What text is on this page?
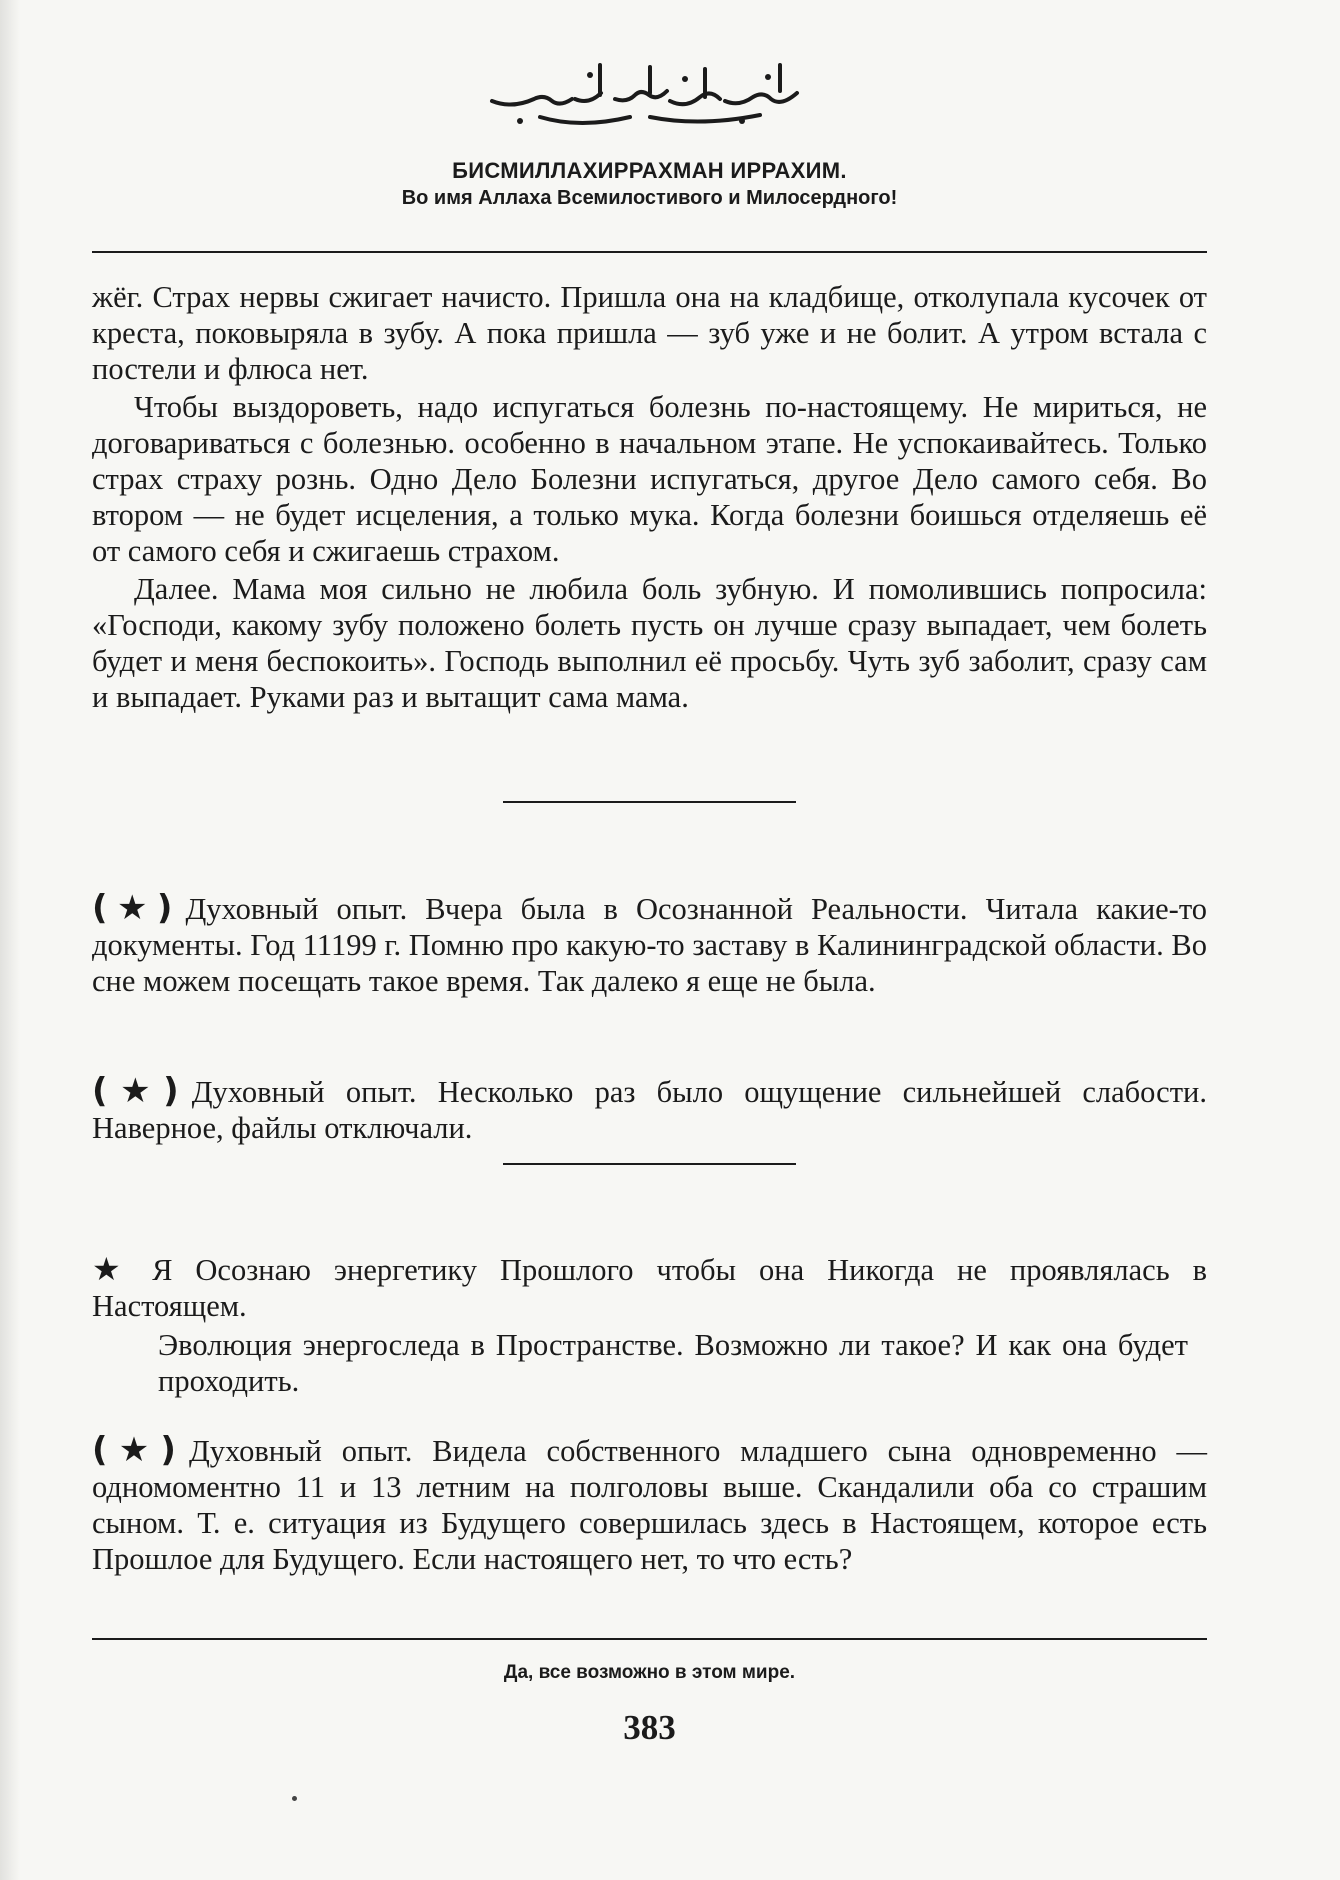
بِسْمِ اللهِ الرَّحْمٰنِ الرَّحِيْمِ
БИСМИЛЛАХИРРАХМАН ИРРАХИМ.
Во имя Аллаха Всемилостивого и Милосердного!

жёг. Страх нервы сжигает начисто. Пришла она на кладбище, отколупала кусочек от креста, поковыряла в зубу. А пока пришла — зуб уже и не болит. А утром встала с постели и флюса нет.

Чтобы выздороветь, надо испугаться болезнь по-настоящему. Не мириться, не договариваться с болезнью. особенно в начальном этапе. Не успокаивайтесь. Только страх страху рознь. Одно Дело Болезни испугаться, другое Дело самого себя. Во втором — не будет исцеления, а только мука. Когда болезни боишься отделяешь её от самого себя и сжигаешь страхом.

Далее. Мама моя сильно не любила боль зубную. И помолившись попросила: «Господи, какому зубу положено болеть пусть он лучше сразу выпадает, чем болеть будет и меня беспокоить». Господь выполнил её просьбу. Чуть зуб заболит, сразу сам и выпадает. Руками раз и вытащит сама мама.

(★) Духовный опыт. Вчера была в Осознанной Реальности. Читала какие-то документы. Год 11199 г. Помню про какую-то заставу в Калининградской области. Во сне можем посещать такое время. Так далеко я еще не была.
(★) Духовный опыт. Несколько раз было ощущение сильнейшей слабости. Наверное, файлы отключали.
★ Я Осознаю энергетику Прошлого чтобы она Никогда не проявлялась в Настоящем.
Эволюция энергоследа в Пространстве. Возможно ли такое? И как она будет проходить.
(★) Духовный опыт. Видела собственного младшего сына одновременно — одномоментно 11 и 13 летним на полголовы выше. Скандалили оба со страшим сыном. Т. е. ситуация из Будущего совершилась здесь в Настоящем, которое есть Прошлое для Будущего. Если настоящего нет, то что есть?
Да, все возможно в этом мире.
383
